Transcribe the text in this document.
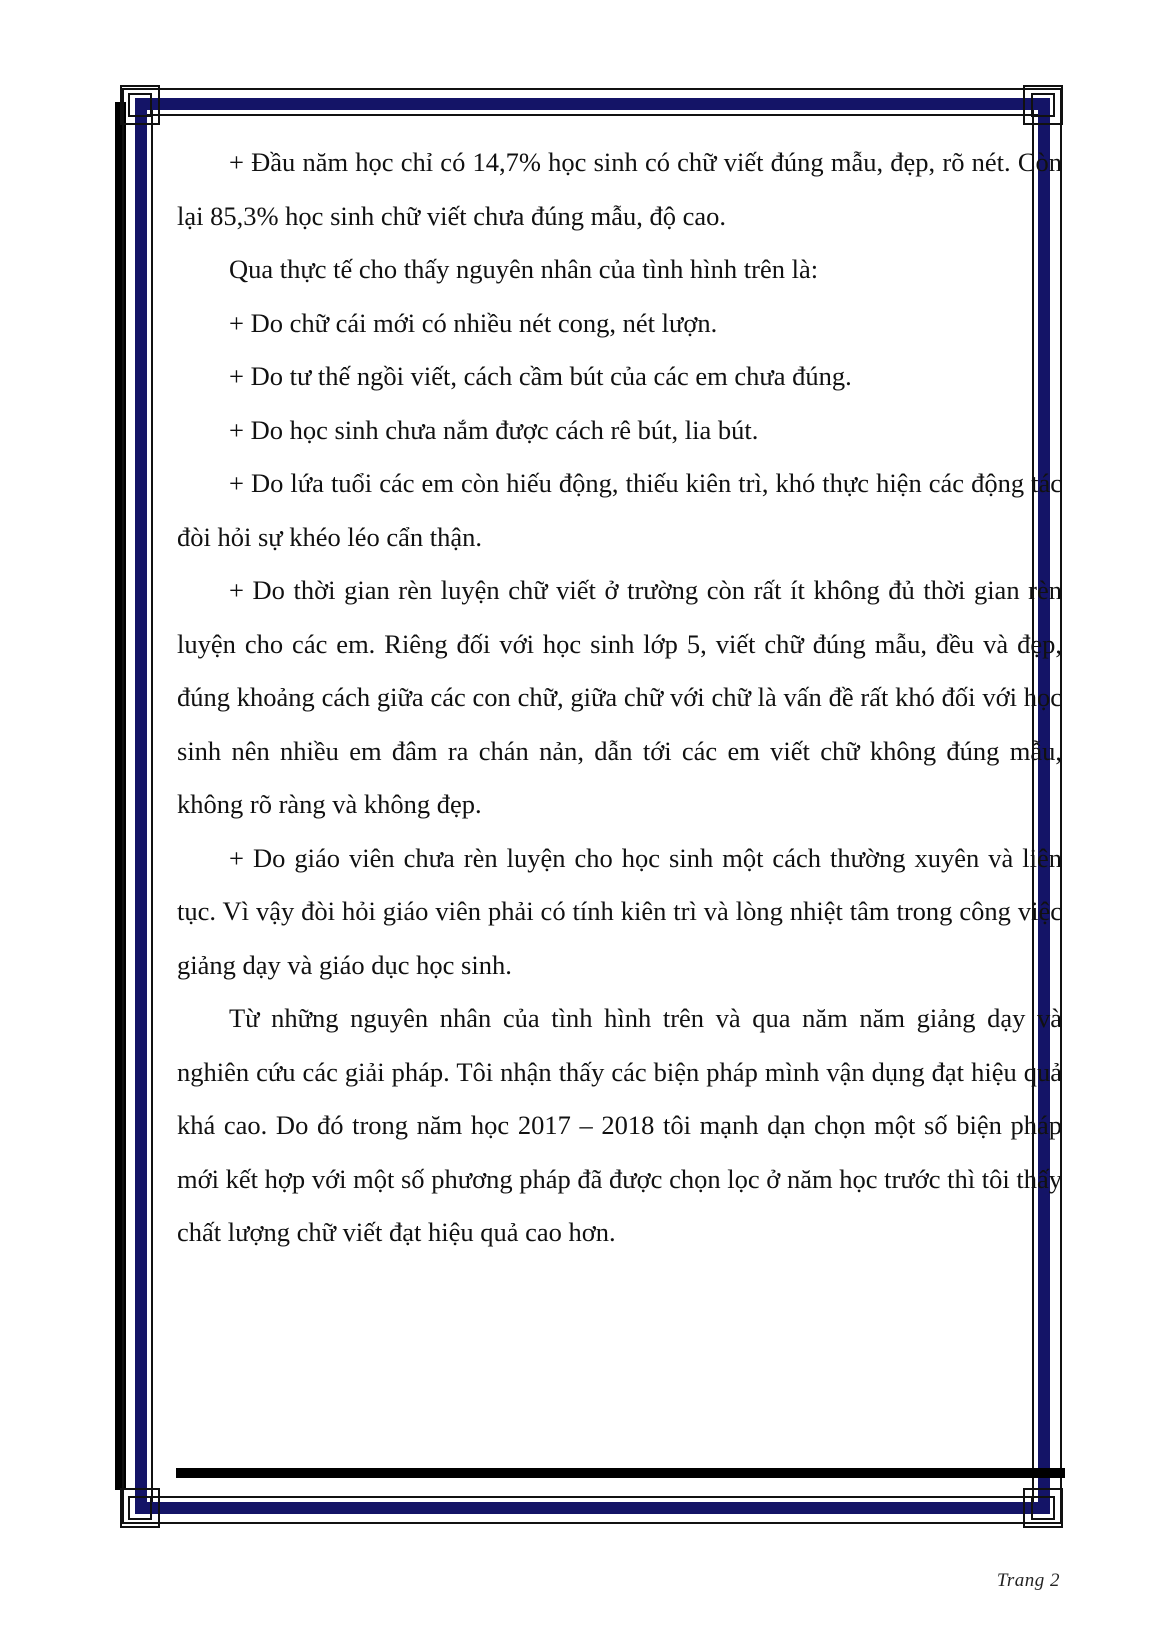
+ Đầu năm học chỉ có 14,7% học sinh có chữ viết đúng mẫu, đẹp, rõ nét. Còn lại 85,3% học sinh chữ viết chưa đúng mẫu, độ cao.

Qua thực tế cho thấy nguyên nhân của tình hình trên là:

+ Do chữ cái mới có nhiều nét cong, nét lượn.

+ Do tư thế ngồi viết, cách cầm bút của các em chưa đúng.

+ Do học sinh chưa nắm được cách rê bút, lia bút.

+ Do lứa tuổi các em còn hiếu động, thiếu kiên trì, khó thực hiện các động tác đòi hỏi sự khéo léo cẩn thận.

+ Do thời gian rèn luyện chữ viết ở trường còn rất ít không đủ thời gian rèn luyện cho các em. Riêng đối với học sinh lớp 5, viết chữ đúng mẫu, đều và đẹp, đúng khoảng cách giữa các con chữ, giữa chữ với chữ là vấn đề rất khó đối với học sinh nên nhiều em đâm ra chán nản, dẫn tới các em viết chữ không đúng mẫu, không rõ ràng và không đẹp.

+ Do giáo viên chưa rèn luyện cho học sinh một cách thường xuyên và liên tục. Vì vậy đòi hỏi giáo viên phải có tính kiên trì và lòng nhiệt tâm trong công việc giảng dạy và giáo dục học sinh.

Từ những nguyên nhân của tình hình trên và qua năm năm giảng dạy và nghiên cứu các giải pháp. Tôi nhận thấy các biện pháp mình vận dụng đạt hiệu quả khá cao. Do đó trong năm học 2017 – 2018 tôi mạnh dạn chọn một số biện pháp mới kết hợp với một số phương pháp đã được chọn lọc ở năm học trước thì tôi thấy chất lượng chữ viết đạt hiệu quả cao hơn.

Trang 2
